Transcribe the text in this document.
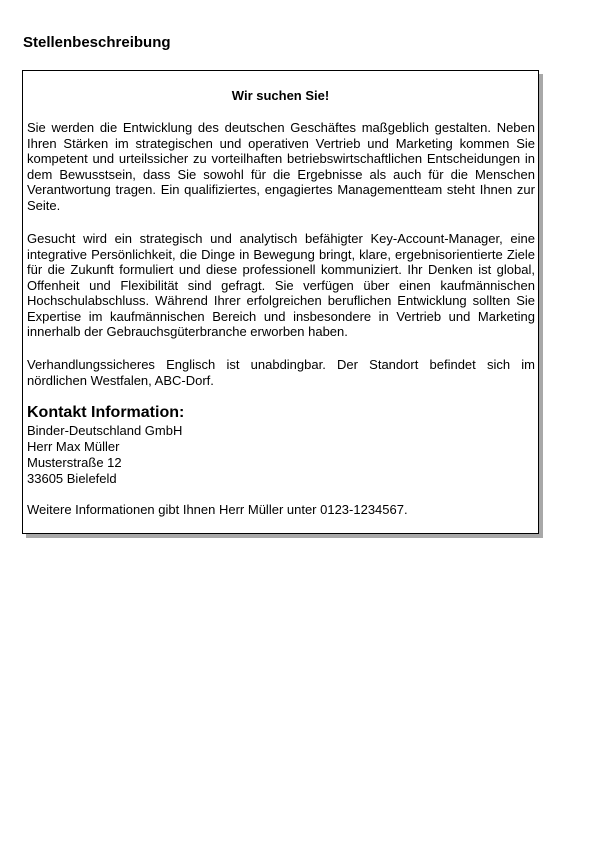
Stellenbeschreibung
Wir suchen Sie!

Sie werden die Entwicklung des deutschen Geschäftes maßgeblich gestalten. Neben Ihren Stärken im strategischen und operativen Vertrieb und Marketing kommen Sie kompetent und urteilssicher zu vorteilhaften betriebswirtschaftlichen Entscheidungen in dem Bewusstsein, dass Sie sowohl für die Ergebnisse als auch für die Menschen Verantwortung tragen. Ein qualifiziertes, engagiertes Managementteam steht Ihnen zur Seite.

Gesucht wird ein strategisch und analytisch befähigter Key-Account-Manager, eine integrative Persönlichkeit, die Dinge in Bewegung bringt, klare, ergebnisorientierte Ziele für die Zukunft formuliert und diese professionell kommuniziert. Ihr Denken ist global, Offenheit und Flexibilität sind gefragt. Sie verfügen über einen kaufmännischen Hochschulabschluss. Während Ihrer erfolgreichen beruflichen Entwicklung sollten Sie Expertise im kaufmännischen Bereich und insbesondere in Vertrieb und Marketing innerhalb der Gebrauchsgüterbranche erworben haben.

Verhandlungssicheres Englisch ist unabdingbar. Der Standort befindet sich im nördlichen Westfalen, ABC-Dorf.

Kontakt Information:
Binder-Deutschland GmbH
Herr Max Müller
Musterstraße 12
33605 Bielefeld

Weitere Informationen gibt Ihnen Herr Müller unter 0123-1234567.
